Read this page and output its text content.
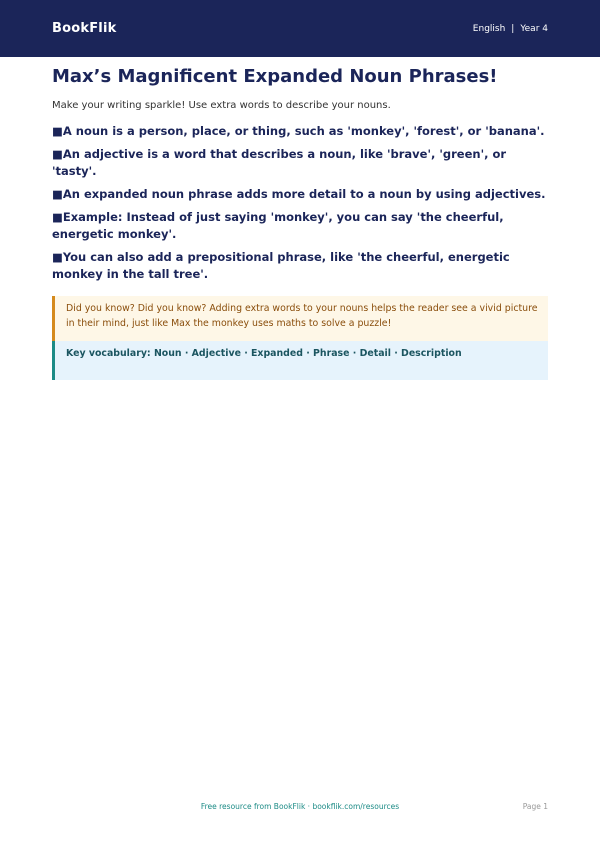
BookFlik	English | Year 4
Max’s Magnificent Expanded Noun Phrases!

Make your writing sparkle! Use extra words to describe your nouns.

■A noun is a person, place, or thing, such as 'monkey', 'forest', or 'banana'.
■An adjective is a word that describes a noun, like 'brave', 'green', or 'tasty'.
■An expanded noun phrase adds more detail to a noun by using adjectives.
■Example: Instead of just saying 'monkey', you can say 'the cheerful, energetic monkey'.
■You can also add a prepositional phrase, like 'the cheerful, energetic monkey in the tall tree'.
Did you know? Did you know? Adding extra words to your nouns helps the reader see a vivid picture in their mind, just like Max the monkey uses maths to solve a puzzle!
Key vocabulary: Noun · Adjective · Expanded · Phrase · Detail · Description
Free resource from BookFlik · bookflik.com/resources	Page 1
